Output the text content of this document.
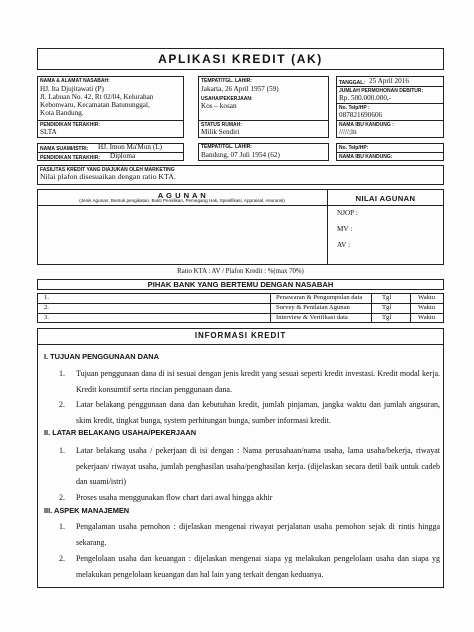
APLIKASI KREDIT (AK)
NAMA & ALAMAT NASABAH:
HJ. Ita Djujitawati (P)
Jl. Labuan No. 42, Rt 02/04, Kelurahan
Kebonwaru, Kecamatan Batununggal,
Kota Bandung.
PENDIDIKAN TERAKHIR:
SLTA
TEMPAT/TGL. LAHIR:
Jakarta, 26 April 1957 (59)
USAHA/PEKERJAAN:
Kos – kosan
STATUS RUMAH:
Milik Sendiri
TANGGAL: 25 April 2016
JUMLAH PERMOHONAN DEBITUR:
Rp. 500.000.000,-
No. Telp/HP :
087821690606
NAMA IBU KANDUNG :
/////;ln
NAMA SUAMI/ISTRI: HJ. Imon Ma'Mun (L)
PENDIDIKAN TERAKHIR: Diploma
TEMPAT/TGL. LAHIR:
Bandung, 07 Juli 1954 (62)
No. Telp/HP:
NAMA IBU KANDUNG:
FASILITAS KREDIT YANG DIAJUKAN OLEH MARKETING
Nilai plafon disesuaikan dengan ratio KTA.
A G U N A N
(Jenis Agunan, Bentuk pengikatan, Bukti Pemilikan, Pemegang Hak, Spesifikasi, Appraisal, Asuransi)	NILAI AGUNAN
NJOP :
MV :
AV :
Ratio KTA : AV / Plafon Kredit : %(max 70%)
PIHAK BANK YANG BERTEMU DENGAN NASABAH
1.	Penawaran & Pengumpulan data	Tgl	Waktu
2.	Survey & Penilaian Agunan	Tgl	Waktu
3.	Interview & Verifikasi data	Tgl	Waktu
INFORMASI KREDIT
I. TUJUAN PENGGUNAAN DANA
1. Tujuan penggunaan dana di isi sesuai dengan jenis kredit yang sesuai seperti kredit investasi. Kredit modal kerja. Kredit konsumtif serta rincian penggunaan dana.
2. Latar belakang penggunaan dana dan kebutuhan kredit, jumlah pinjaman, jangka waktu dan jumlah angsuran, skim kredit, tingkat bunga, system perhitungan bunga, sumber informasi kredit.
II. LATAR BELAKANG USAHA/PEKERJAAN
1. Latar belakang usaha / pekerjaan di isi dengan : Nama perusahaan/nama usaha, lama usaha/bekerja, riwayat pekerjaan/ riwayat usaha, jumlah penghasilan usaha/penghasilan kerja. (dijelaskan secara detil baik untuk cadeb dan suami/istri)
2. Proses usaha menggunakan flow chart dari awal hingga akhir
III. ASPEK MANAJEMEN
1. Pengalaman usaha pemohon : dijelaskan mengenai riwayat perjalanan usaha pemohon sejak di rintis hingga sekarang.
2. Pengelolaan usaha dan keuangan : dijelaskan mengenai siapa yg melakukan pengelolaan usaha dan siapa yg melakukan pengelolaan keuangan dan hal lain yang terkait dengan keduanya.
